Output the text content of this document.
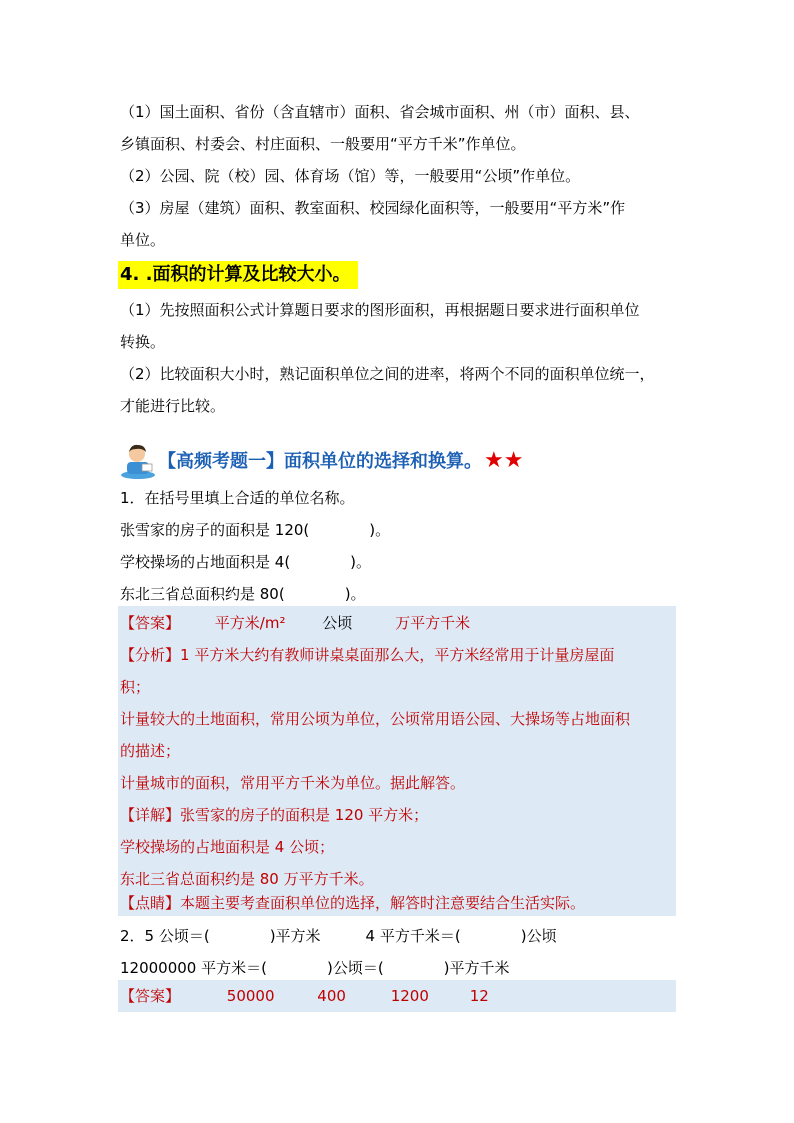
（1）国土面积、省份（含直辖市）面积、省会城市面积、州（市）面积、县、
乡镇面积、村委会、村庄面积、一般要用“平方千米”作单位。
（2）公园、院（校）园、体育场（馆）等，一般要用“公顷”作单位。
（3）房屋（建筑）面积、教室面积、校园绿化面积等，一般要用“平方米”作
单位。
4. .面积的计算及比较大小。
（1）先按照面积公式计算题日要求的图形面积，再根据题日要求进行面积单位
转换。
（2）比较面积大小时，熟记面积单位之间的进率，将两个不同的面积单位统一，
才能进行比较。
【高频考题一】面积单位的选择和换算。★★
1．在括号里填上合适的单位名称。
张雪家的房子的面积是 120(　　　　)。
学校操场的占地面积是 4(　　　　)。
东北三省总面积约是 80(　　　　)。
【答案】 平方米/m² 公顷	万平方千米
【分析】1 平方米大约有教师讲桌桌面那么大，平方米经常用于计量房屋面
积；
计量较大的土地面积，常用公顷为单位，公顷常用语公园、大操场等占地面积
的描述；
计量城市的面积，常用平方千米为单位。据此解答。
【详解】张雪家的房子的面积是 120 平方米；
学校操场的占地面积是 4 公顷；
东北三省总面积约是 80 万平方千米。
【点睛】本题主要考查面积单位的选择，解答时注意要结合生活实际。
2．5 公顷＝(　　　　)平方米　　　4 平方千米＝(　　　　)公顷
12000000 平方米＝(　　　　)公顷＝(　　　　)平方千米
【答案】	50000	400	1200	12
